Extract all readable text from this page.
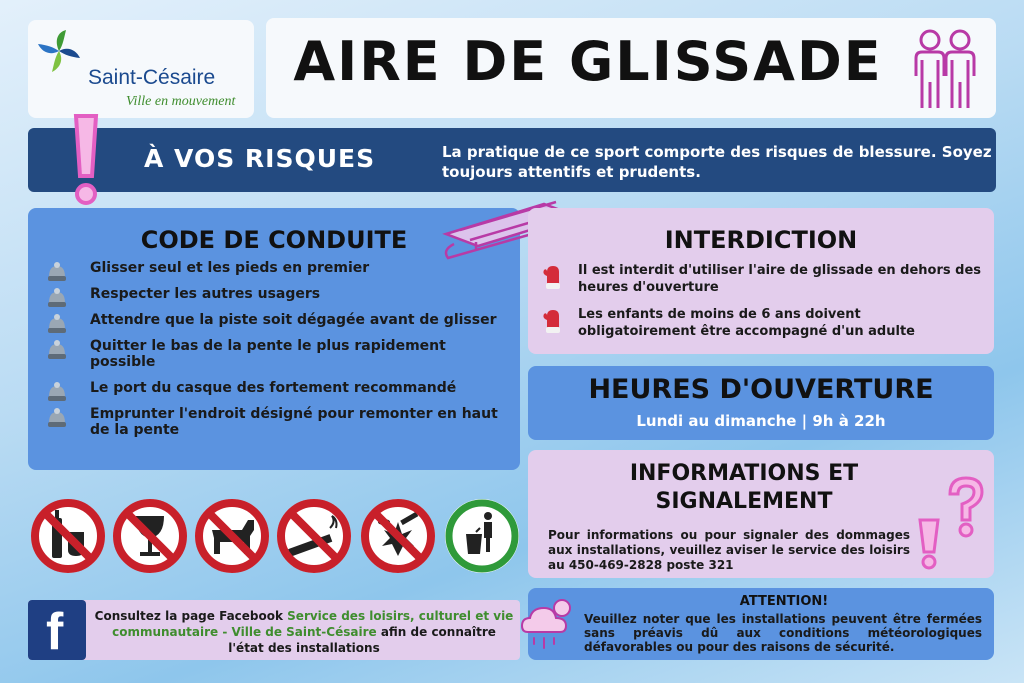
Saint-Césaire
Ville en mouvement
AIRE DE GLISSADE
À VOS RISQUES	La pratique de ce sport comporte des risques de blessure. Soyez toujours attentifs et prudents.
CODE DE CONDUITE
Glisser seul et les pieds en premier
Respecter les autres usagers
Attendre que la piste soit dégagée avant de glisser
Quitter le bas de la pente le plus rapidement possible
Le port du casque des fortement recommandé
Emprunter l'endroit désigné pour remonter en haut de la pente
INTERDICTION
Il est interdit d'utiliser l'aire de glissade en dehors des heures d'ouverture
Les enfants de moins de 6 ans doivent obligatoirement être accompagné d'un adulte
HEURES D'OUVERTURE
Lundi au dimanche | 9h à 22h
INFORMATIONS ET SIGNALEMENT
Pour informations ou pour signaler des dommages aux installations, veuillez aviser le service des loisirs au 450-469-2828 poste 321
f	Consultez la page Facebook Service des loisirs, culturel et vie communautaire - Ville de Saint-Césaire afin de connaître l'état des installations
ATTENTION!
Veuillez noter que les installations peuvent être fermées sans préavis dû aux conditions météorologiques défavorables ou pour des raisons de sécurité.
